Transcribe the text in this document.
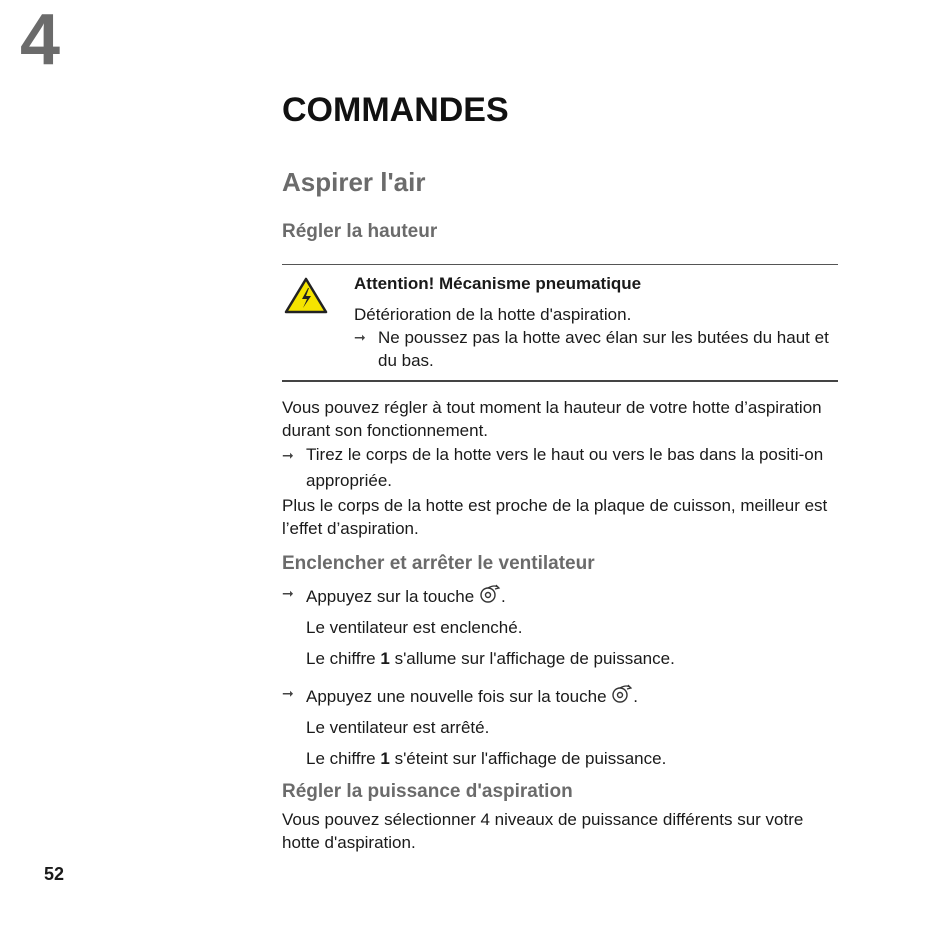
4
52
COMMANDES
Aspirer l'air
Régler la hauteur

Attention! Mécanisme pneumatique

Détérioration de la hotte d'aspiration.

➞ Ne poussez pas la hotte avec élan sur les butées du haut et du bas.

Vous pouvez régler à tout moment la hauteur de votre hotte d’aspiration durant son fonctionnement.

➞ Tirez le corps de la hotte vers le haut ou vers le bas dans la positi-on appropriée.

Plus le corps de la hotte est proche de la plaque de cuisson, meilleur est l’effet d’aspiration.

Enclencher et arrêter le ventilateur

➞ Appuyez sur la touche .

Le ventilateur est enclenché.

Le chiffre 1 s'allume sur l'affichage de puissance.

➞ Appuyez une nouvelle fois sur la touche .

Le ventilateur est arrêté.

Le chiffre 1 s'éteint sur l'affichage de puissance.

Régler la puissance d'aspiration

Vous pouvez sélectionner 4 niveaux de puissance différents sur votre hotte d'aspiration.
